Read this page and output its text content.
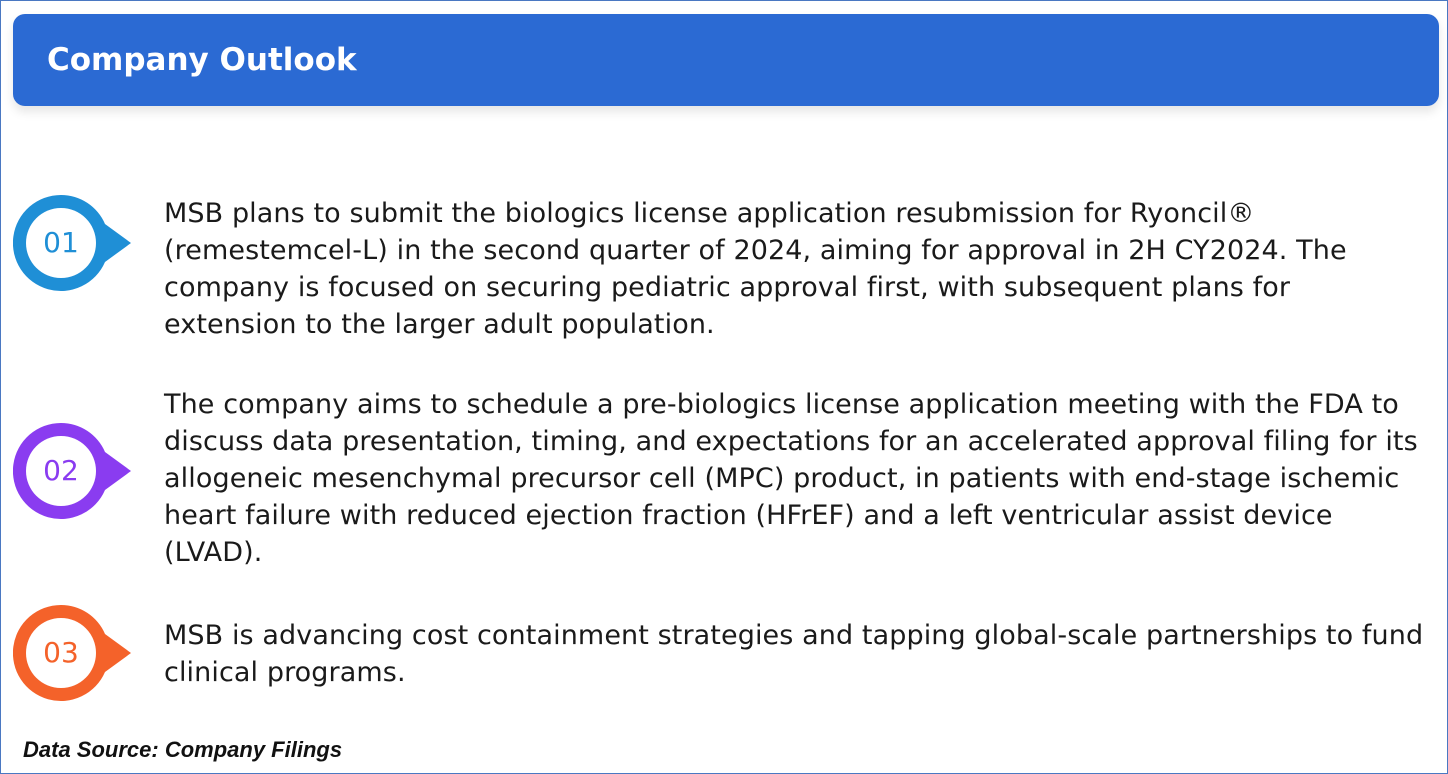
Company Outlook
01
MSB plans to submit the biologics license application resubmission for Ryoncil® (remestemcel-L) in the second quarter of 2024, aiming for approval in 2H CY2024. The company is focused on securing pediatric approval first, with subsequent plans for extension to the larger adult population.
02
The company aims to schedule a pre-biologics license application meeting with the FDA to discuss data presentation, timing, and expectations for an accelerated approval filing for its allogeneic mesenchymal precursor cell (MPC) product, in patients with end-stage ischemic heart failure with reduced ejection fraction (HFrEF) and a left ventricular assist device (LVAD).
03
MSB is advancing cost containment strategies and tapping global-scale partnerships to fund clinical programs.
Data Source: Company Filings
